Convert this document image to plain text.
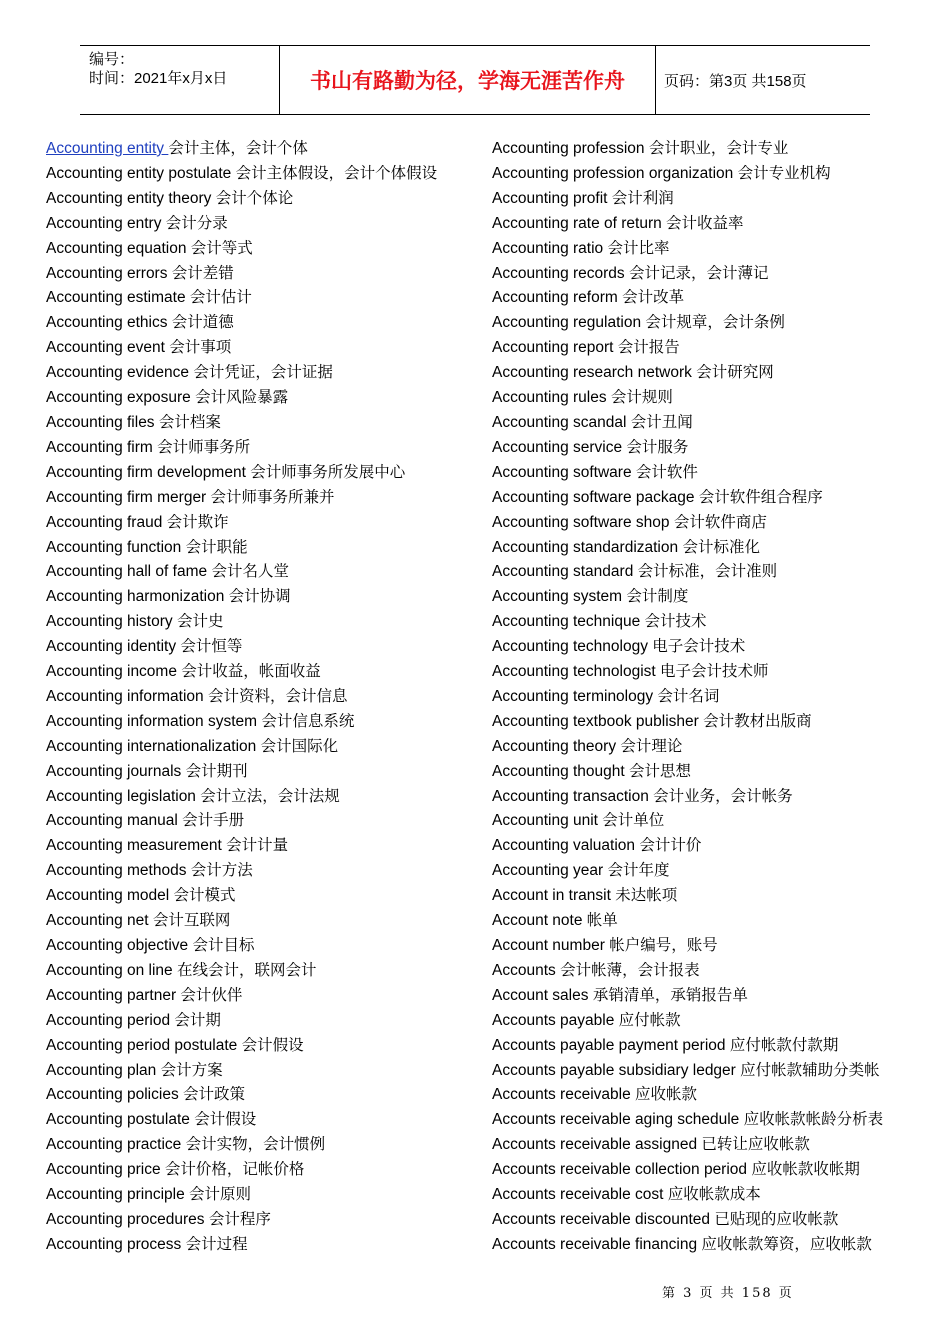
编号：
时间：2021年x月x日	书山有路勤为径，学海无涯苦作舟	页码：第3页 共158页
Accounting entity 会计主体，会计个体
Accounting entity postulate 会计主体假设，会计个体假设
Accounting entity theory 会计个体论
Accounting entry 会计分录
Accounting equation 会计等式
Accounting errors 会计差错
Accounting estimate 会计估计
Accounting ethics 会计道德
Accounting event 会计事项
Accounting evidence 会计凭证，会计证据
Accounting exposure 会计风险暴露
Accounting files 会计档案
Accounting firm 会计师事务所
Accounting firm development 会计师事务所发展中心
Accounting firm merger 会计师事务所兼并
Accounting fraud 会计欺诈
Accounting function 会计职能
Accounting hall of fame 会计名人堂
Accounting harmonization 会计协调
Accounting history 会计史
Accounting identity 会计恒等
Accounting income 会计收益，帐面收益
Accounting information 会计资料，会计信息
Accounting information system 会计信息系统
Accounting internationalization 会计国际化
Accounting journals 会计期刊
Accounting legislation 会计立法，会计法规
Accounting manual 会计手册
Accounting measurement 会计计量
Accounting methods 会计方法
Accounting model 会计模式
Accounting net 会计互联网
Accounting objective 会计目标
Accounting on line 在线会计，联网会计
Accounting partner 会计伙伴
Accounting period 会计期
Accounting period postulate 会计假设
Accounting plan 会计方案
Accounting policies 会计政策
Accounting postulate 会计假设
Accounting practice 会计实物，会计惯例
Accounting price 会计价格，记帐价格
Accounting principle 会计原则
Accounting procedures 会计程序
Accounting process 会计过程
Accounting profession 会计职业，会计专业
Accounting profession organization 会计专业机构
Accounting profit 会计利润
Accounting rate of return 会计收益率
Accounting ratio 会计比率
Accounting records 会计记录，会计薄记
Accounting reform 会计改革
Accounting regulation 会计规章，会计条例
Accounting report 会计报告
Accounting research network 会计研究网
Accounting rules 会计规则
Accounting scandal 会计丑闻
Accounting service 会计服务
Accounting software 会计软件
Accounting software package 会计软件组合程序
Accounting software shop 会计软件商店
Accounting standardization 会计标准化
Accounting standard 会计标准，会计准则
Accounting system 会计制度
Accounting technique 会计技术
Accounting technology 电子会计技术
Accounting technologist 电子会计技术师
Accounting terminology 会计名词
Accounting textbook publisher 会计教材出版商
Accounting theory 会计理论
Accounting thought 会计思想
Accounting transaction 会计业务，会计帐务
Accounting unit 会计单位
Accounting valuation 会计计价
Accounting year 会计年度
Account in transit 未达帐项
Account note 帐单
Account number 帐户编号，账号
Accounts 会计帐薄，会计报表
Account sales 承销清单，承销报告单
Accounts payable 应付帐款
Accounts payable payment period 应付帐款付款期
Accounts payable subsidiary ledger 应付帐款辅助分类帐
Accounts receivable 应收帐款
Accounts receivable aging schedule 应收帐款帐龄分析表
Accounts receivable assigned 已转让应收帐款
Accounts receivable collection period 应收帐款收帐期
Accounts receivable cost 应收帐款成本
Accounts receivable discounted 已贴现的应收帐款
Accounts receivable financing 应收帐款筹资，应收帐款
第 3 页 共 158 页
